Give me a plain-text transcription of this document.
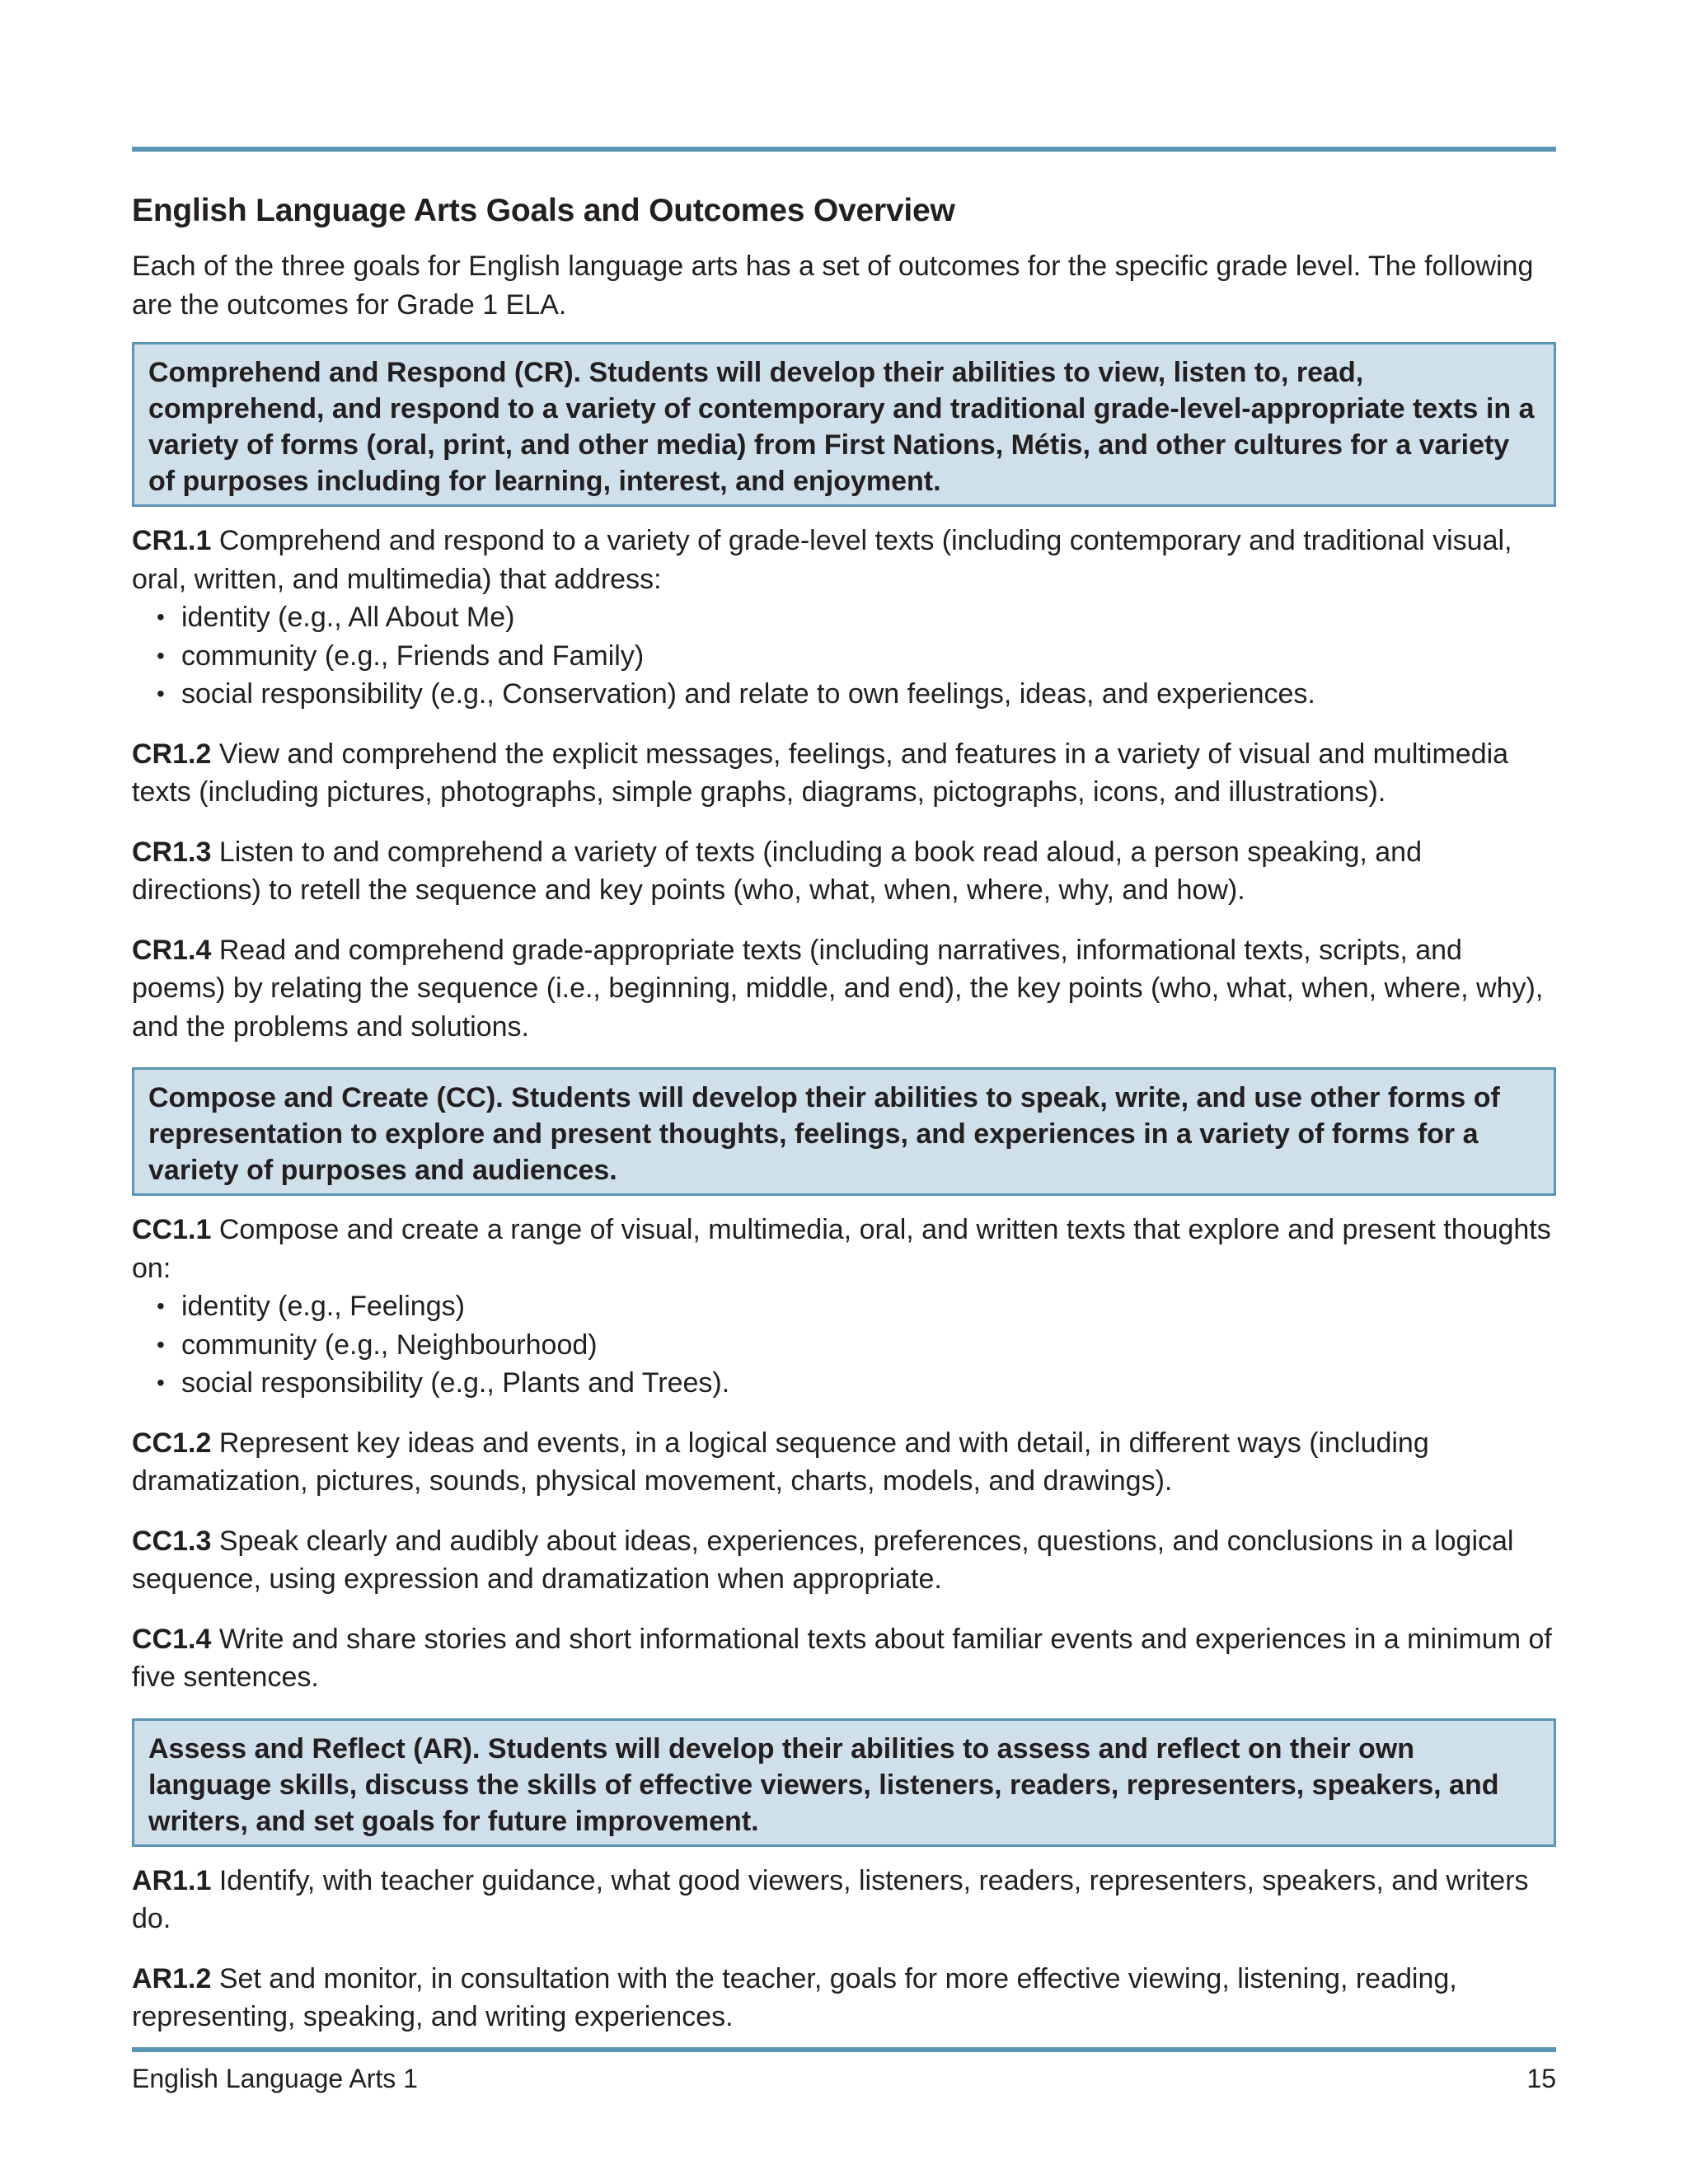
English Language Arts Goals and Outcomes Overview

Each of the three goals for English language arts has a set of outcomes for the specific grade level. The following are the outcomes for Grade 1 ELA.

Comprehend and Respond (CR). Students will develop their abilities to view, listen to, read, comprehend, and respond to a variety of contemporary and traditional grade-level-appropriate texts in a variety of forms (oral, print, and other media) from First Nations, Métis, and other cultures for a variety of purposes including for learning, interest, and enjoyment.

CR1.1 Comprehend and respond to a variety of grade-level texts (including contemporary and traditional visual, oral, written, and multimedia) that address:

• identity (e.g., All About Me)
• community (e.g., Friends and Family)
• social responsibility (e.g., Conservation) and relate to own feelings, ideas, and experiences.

CR1.2 View and comprehend the explicit messages, feelings, and features in a variety of visual and multimedia texts (including pictures, photographs, simple graphs, diagrams, pictographs, icons, and illustrations).

CR1.3 Listen to and comprehend a variety of texts (including a book read aloud, a person speaking, and directions) to retell the sequence and key points (who, what, when, where, why, and how).

CR1.4 Read and comprehend grade-appropriate texts (including narratives, informational texts, scripts, and poems) by relating the sequence (i.e., beginning, middle, and end), the key points (who, what, when, where, why), and the problems and solutions.

Compose and Create (CC). Students will develop their abilities to speak, write, and use other forms of representation to explore and present thoughts, feelings, and experiences in a variety of forms for a variety of purposes and audiences.

CC1.1 Compose and create a range of visual, multimedia, oral, and written texts that explore and present thoughts on:

• identity (e.g., Feelings)
• community (e.g., Neighbourhood)
• social responsibility (e.g., Plants and Trees).

CC1.2 Represent key ideas and events, in a logical sequence and with detail, in different ways (including dramatization, pictures, sounds, physical movement, charts, models, and drawings).

CC1.3 Speak clearly and audibly about ideas, experiences, preferences, questions, and conclusions in a logical sequence, using expression and dramatization when appropriate.

CC1.4 Write and share stories and short informational texts about familiar events and experiences in a minimum of five sentences.

Assess and Reflect (AR). Students will develop their abilities to assess and reflect on their own language skills, discuss the skills of effective viewers, listeners, readers, representers, speakers, and writers, and set goals for future improvement.

AR1.1 Identify, with teacher guidance, what good viewers, listeners, readers, representers, speakers, and writers do.

AR1.2 Set and monitor, in consultation with the teacher, goals for more effective viewing, listening, reading, representing, speaking, and writing experiences.

English Language Arts 1	15
